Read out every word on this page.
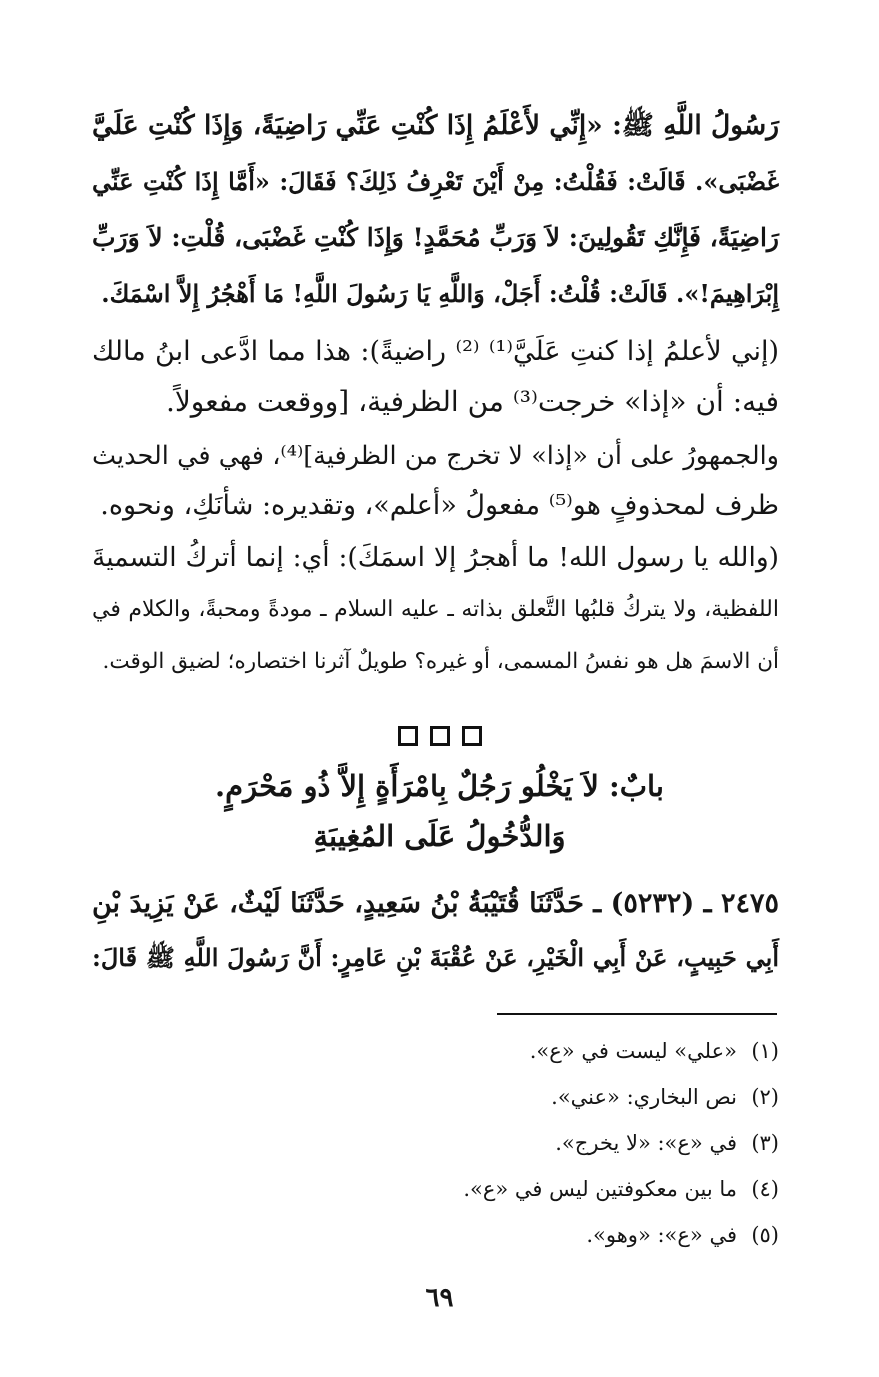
رَسُولُ اللَّهِ ﷺ: «إِنِّي لأَعْلَمُ إِذَا كُنْتِ عَنِّي رَاضِيَةً، وَإِذَا كُنْتِ عَلَيَّ
غَضْبَى». قَالَتْ: فَقُلْتُ: مِنْ أَيْنَ تَعْرِفُ ذَلِكَ؟ فَقَالَ: «أَمَّا إِذَا كُنْتِ عَنِّي
رَاضِيَةً، فَإِنَّكِ تَقُولِينَ: لاَ وَرَبِّ مُحَمَّدٍ! وَإِذَا كُنْتِ غَضْبَى، قُلْتِ: لاَ وَرَبِّ
إِبْرَاهِيمَ!». قَالَتْ: قُلْتُ: أَجَلْ، وَاللَّهِ يَا رَسُولَ اللَّهِ! مَا أَهْجُرُ إِلاَّ اسْمَكَ.
(إني لأعلمُ إذا كنتِ عَلَيَّ⁽¹⁾ ⁽²⁾ راضيةً): هذا مما ادَّعى ابنُ مالك
فيه: أن «إذا» خرجت⁽³⁾ من الظرفية، [ووقعت مفعولاً.
والجمهورُ على أن «إذا» لا تخرج من الظرفية]⁽⁴⁾، فهي في الحديث
ظرف لمحذوفٍ هو⁽⁵⁾ مفعولُ «أعلم»، وتقديره: شأنَكِ، ونحوه.
(والله يا رسول الله! ما أهجرُ إلا اسمَكَ): أي: إنما أتركُ التسميةَ
اللفظية، ولا يتركُ قلبُها التَّعلق بذاته ـ عليه السلام ـ مودةً ومحبةً، والكلام في
أن الاسمَ هل هو نفسُ المسمى، أو غيره؟ طويلٌ آثرنا اختصاره؛ لضيق الوقت.
بابٌ: لاَ يَخْلُو رَجُلٌ بِامْرَأَةٍ إِلاَّ ذُو مَحْرَمٍ.
وَالدُّخُولُ عَلَى المُغِيبَةِ
٢٤٧٥ ـ (٥٢٣٢) ـ حَدَّثَنَا قُتَيْبَةُ بْنُ سَعِيدٍ، حَدَّثَنَا لَيْثٌ، عَنْ يَزِيدَ بْنِ
أَبِي حَبِيبٍ، عَنْ أَبِي الْخَيْرِ، عَنْ عُقْبَةَ بْنِ عَامِرٍ: أَنَّ رَسُولَ اللَّهِ ﷺ قَالَ:
(١)«علي» ليست في «ع».
(٢)نص البخاري: «عني».
(٣)في «ع»: «لا يخرج».
(٤)ما بين معكوفتين ليس في «ع».
(٥)في «ع»: «وهو».
٦٩
